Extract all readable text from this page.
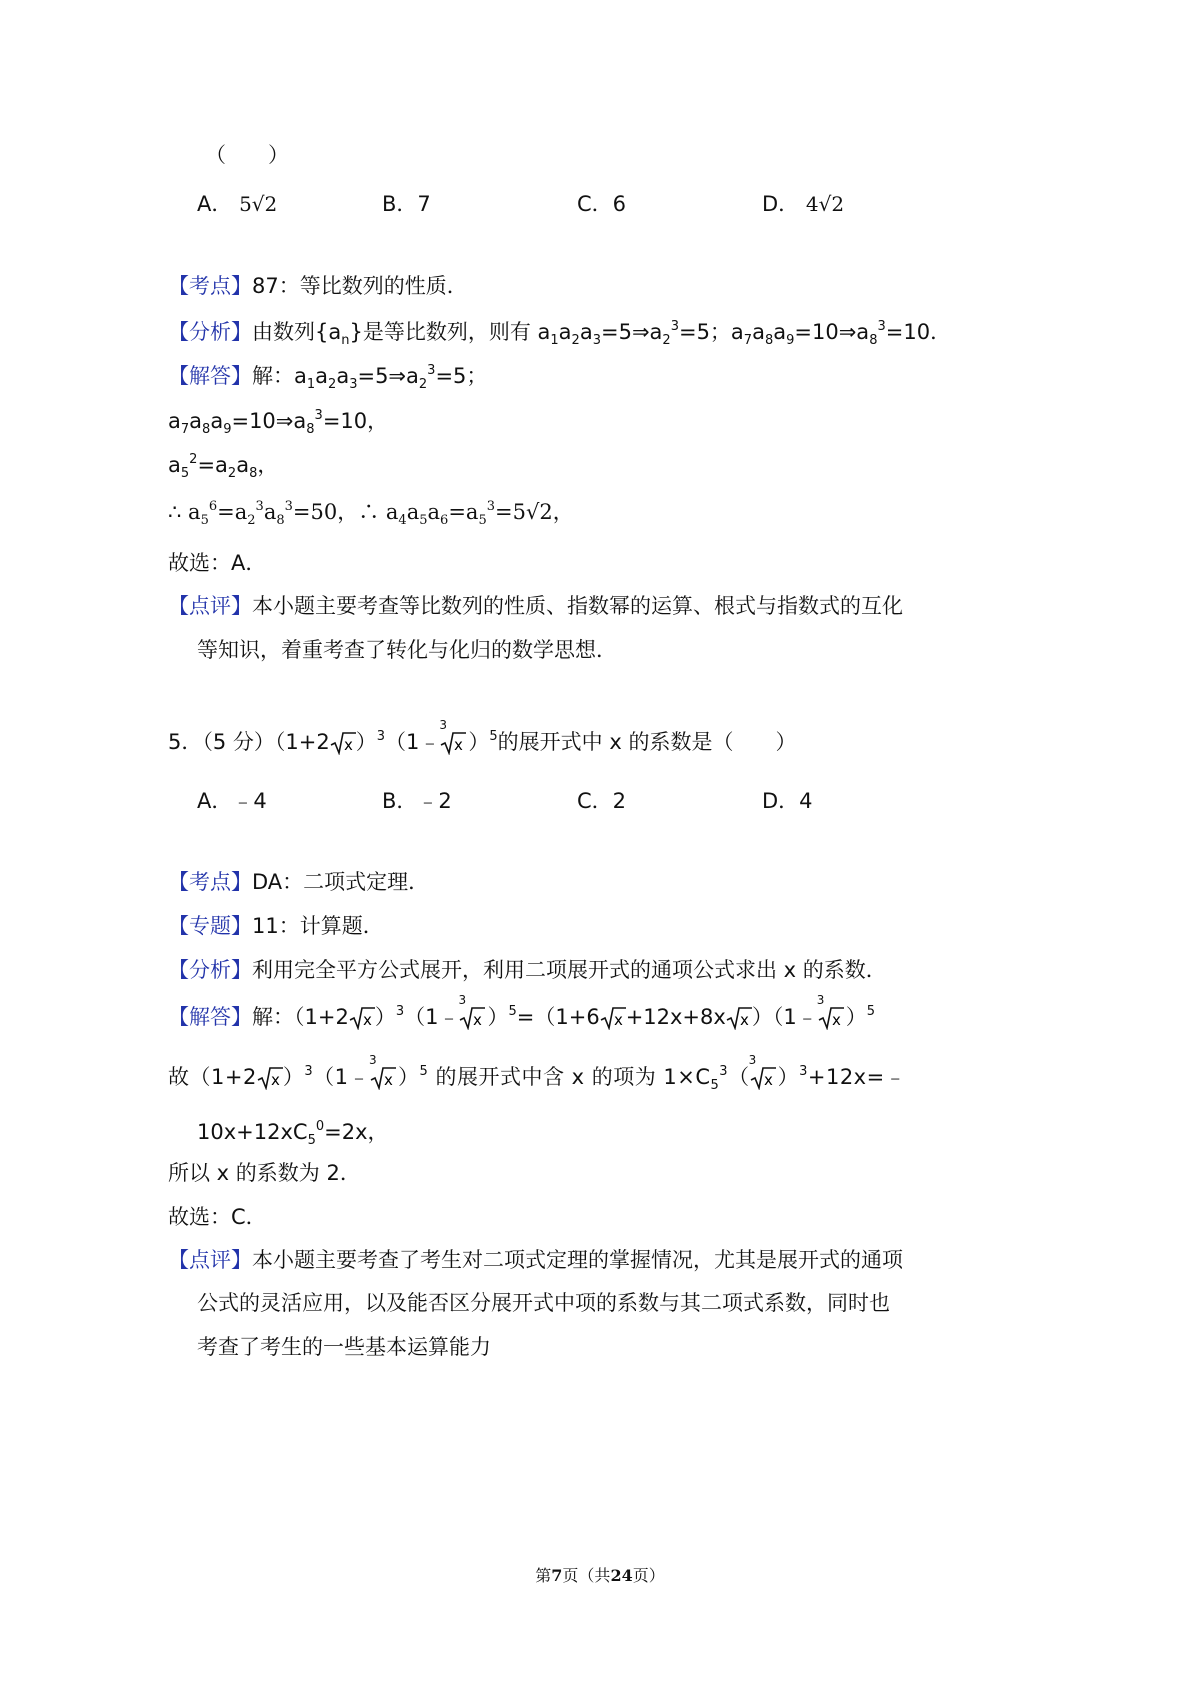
（　　）
A． 5√2	B．7	C．6	D． 4√2
【考点】87：等比数列的性质．
【分析】由数列$\{a_n\}$是等比数列，则有 $a_1a_2a_3=5\Rightarrow a_2^3=5$；$a_7a_8a_9=10\Rightarrow a_8^3=10$．
【解答】解：$a_1a_2a_3=5\Rightarrow a_2^3=5$；
$a_7a_8a_9=10\Rightarrow a_8^3=10$，
$a_5^2=a_2a_8$，
∴ $a_5^6=a_2^3a_8^3=50$，∴ $a_4a_5a_6=a_5^3=5√2$，
故选：A．
【点评】本小题主要考查等比数列的性质、指数幂的运算、根式与指数式的互化
等知识，着重考查了转化与化归的数学思想．
5．（5 分）（1+2 x ）$^3$（1﹣
3
x ）$^5$的展开式中 x 的系数是（　　）
A．﹣4	B．﹣2	C．2	D．4
【考点】DA：二项式定理．
【专题】11：计算题．
【分析】利用完全平方公式展开，利用二项展开式的通项公式求出 x 的系数．
【解答】解：（1+2 x ）$^3$（1﹣
3
x ）$^5$=（1+6 x +12x+8x x ）（1﹣
3
x ）$^5$
故（1+2 x ）$^3$（1﹣
3
x ）$^5$ 的展开式中含 x 的项为 $1\times C_5^3$（
3
x ）$^3$+12x=﹣
$10x+12xC_5^0=2x$，
所以 x 的系数为 2．
故选：C．
【点评】本小题主要考查了考生对二项式定理的掌握情况，尤其是展开式的通项
公式的灵活应用，以及能否区分展开式中项的系数与其二项式系数，同时也
考查了考生的一些基本运算能力
第7页（共24页）
